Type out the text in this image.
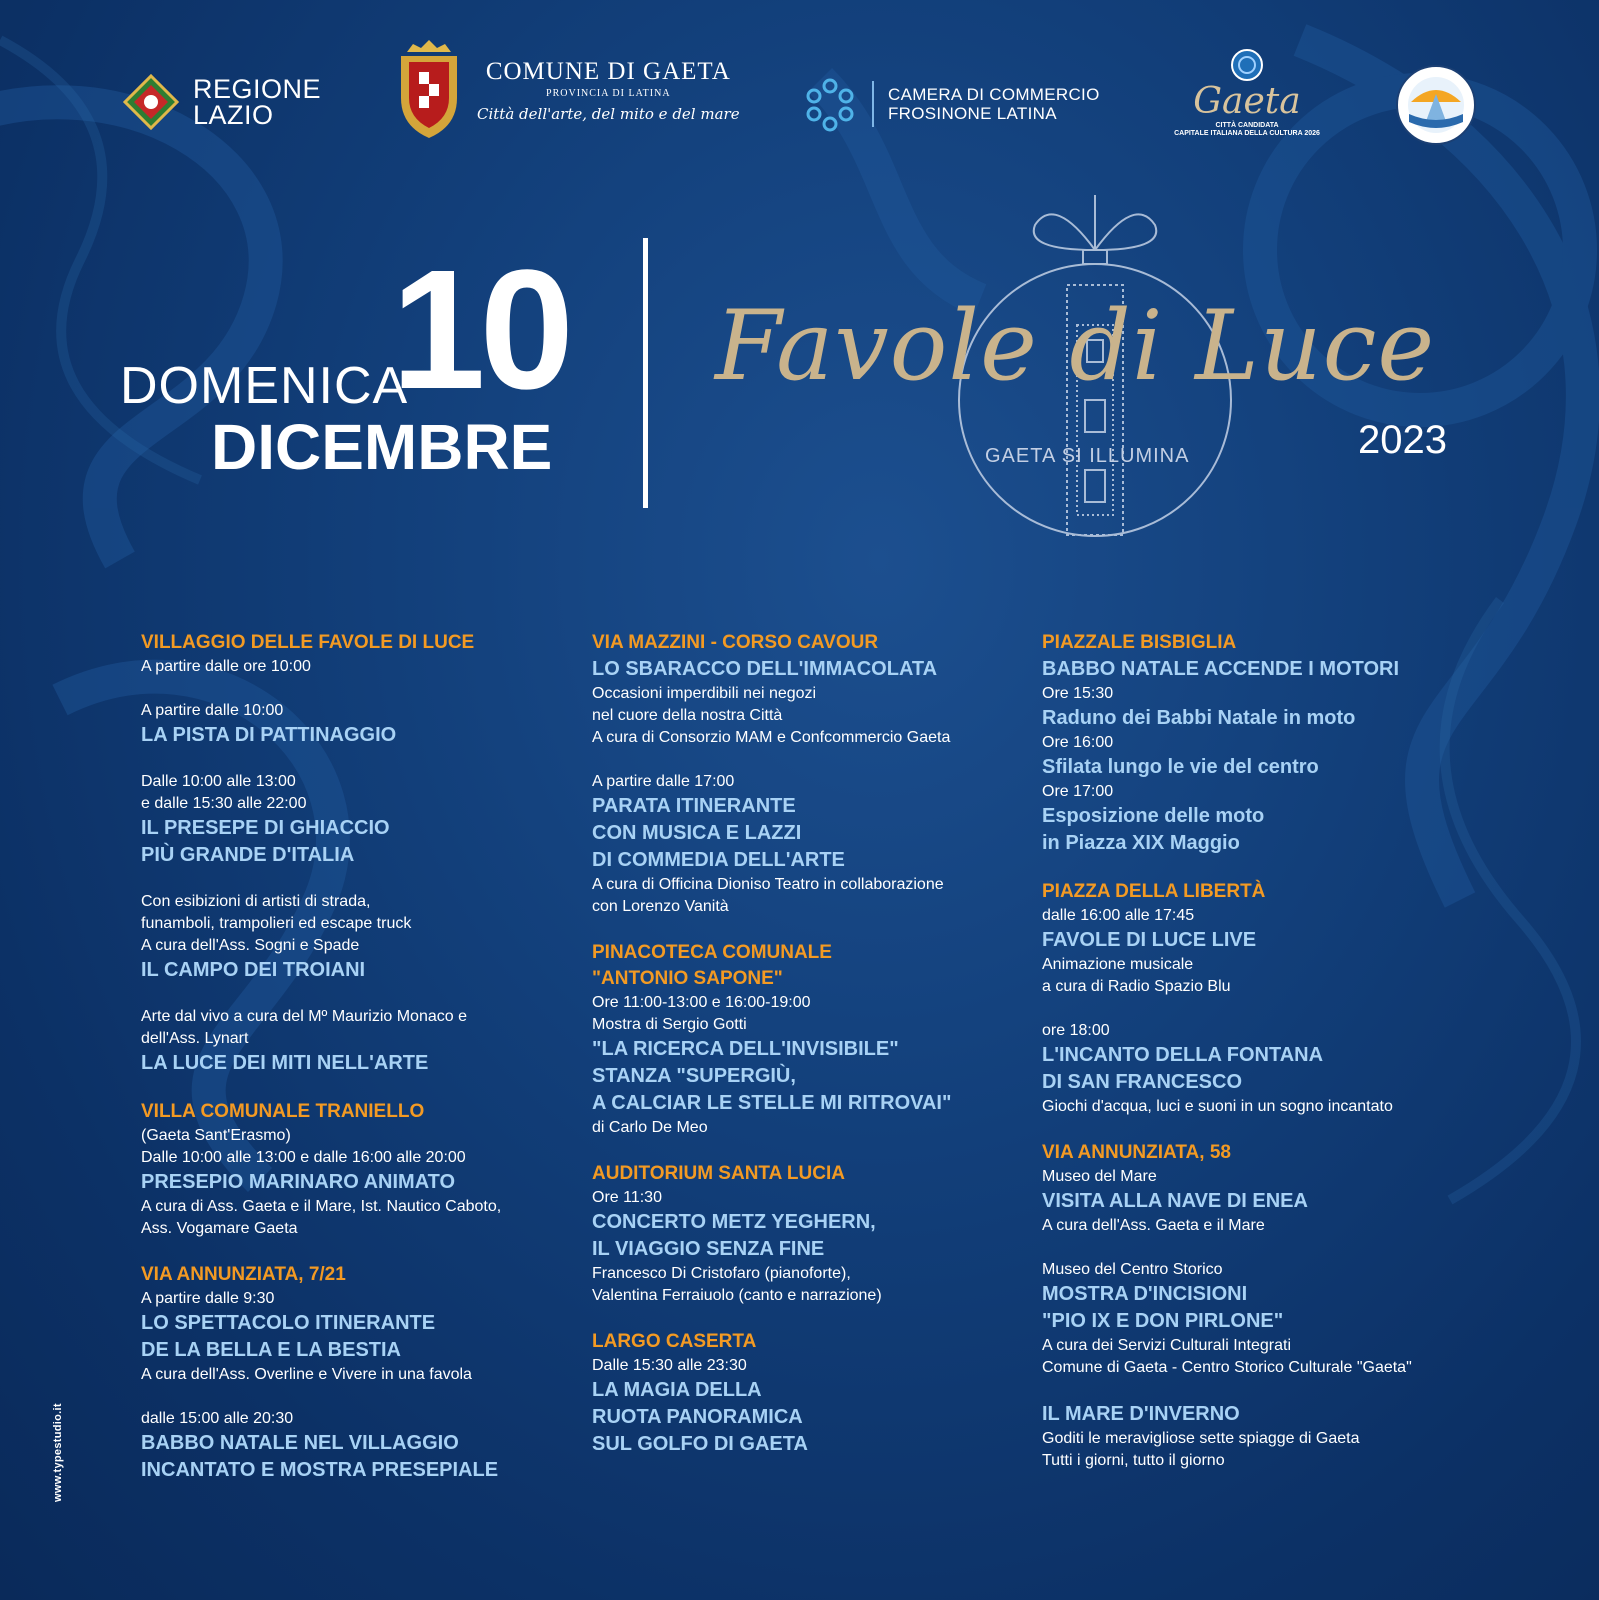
REGIONE
LAZIO
COMUNE DI GAETA
PROVINCIA DI LATINA
Città dell'arte, del mito e del mare
CAMERA DI COMMERCIO
FROSINONE LATINA	Gaeta
CITTÀ CANDIDATA
CAPITALE ITALIANA DELLA CULTURA 2026
DOMENICA
10
DICEMBRE
Favole di Luce
GAETA SI ILLUMINA	2023
VILLAGGIO DELLE FAVOLE DI LUCE
A partire dalle ore 10:00
A partire dalle 10:00
LA PISTA DI PATTINAGGIO
Dalle 10:00 alle 13:00
e dalle 15:30 alle 22:00
IL PRESEPE DI GHIACCIO
PIÙ GRANDE D'ITALIA
Con esibizioni di artisti di strada,
funamboli, trampolieri ed escape truck
A cura dell'Ass. Sogni e Spade
IL CAMPO DEI TROIANI
Arte dal vivo a cura del Mº Maurizio Monaco e
dell'Ass. Lynart
LA LUCE DEI MITI NELL'ARTE
VILLA COMUNALE TRANIELLO
(Gaeta Sant'Erasmo)
Dalle 10:00 alle 13:00 e dalle 16:00 alle 20:00
PRESEPIO MARINARO ANIMATO
A cura di Ass. Gaeta e il Mare, Ist. Nautico Caboto,
Ass. Vogamare Gaeta
VIA ANNUNZIATA, 7/21
A partire dalle 9:30
LO SPETTACOLO ITINERANTE
DE LA BELLA E LA BESTIA
A cura dell'Ass. Overline e Vivere in una favola
dalle 15:00 alle 20:30
BABBO NATALE NEL VILLAGGIO
INCANTATO E MOSTRA PRESEPIALE
VIA MAZZINI - CORSO CAVOUR
LO SBARACCO DELL'IMMACOLATA
Occasioni imperdibili nei negozi
nel cuore della nostra Città
A cura di Consorzio MAM e Confcommercio Gaeta
A partire dalle 17:00
PARATA ITINERANTE
CON MUSICA E LAZZI
DI COMMEDIA DELL'ARTE
A cura di Officina Dioniso Teatro in collaborazione
con Lorenzo Vanità
PINACOTECA COMUNALE
"ANTONIO SAPONE"
Ore 11:00-13:00 e 16:00-19:00
Mostra di Sergio Gotti
"LA RICERCA DELL'INVISIBILE"
STANZA "SUPERGIÙ,
A CALCIAR LE STELLE MI RITROVAI"
di Carlo De Meo
AUDITORIUM SANTA LUCIA
Ore 11:30
CONCERTO METZ YEGHERN,
IL VIAGGIO SENZA FINE
Francesco Di Cristofaro (pianoforte),
Valentina Ferraiuolo (canto e narrazione)
LARGO CASERTA
Dalle 15:30 alle 23:30
LA MAGIA DELLA
RUOTA PANORAMICA
SUL GOLFO DI GAETA
PIAZZALE BISBIGLIA
BABBO NATALE ACCENDE I MOTORI
Ore 15:30
Raduno dei Babbi Natale in moto
Ore 16:00
Sfilata lungo le vie del centro
Ore 17:00
Esposizione delle moto
in Piazza XIX Maggio
PIAZZA DELLA LIBERTÀ
dalle 16:00 alle 17:45
FAVOLE DI LUCE LIVE
Animazione musicale
a cura di Radio Spazio Blu
ore 18:00
L'INCANTO DELLA FONTANA
DI SAN FRANCESCO
Giochi d'acqua, luci e suoni in un sogno incantato
VIA ANNUNZIATA, 58
Museo del Mare
VISITA ALLA NAVE DI ENEA
A cura dell'Ass. Gaeta e il Mare
Museo del Centro Storico
MOSTRA D'INCISIONI
"PIO IX E DON PIRLONE"
A cura dei Servizi Culturali Integrati
Comune di Gaeta - Centro Storico Culturale "Gaeta"
IL MARE D'INVERNO
Goditi le meravigliose sette spiagge di Gaeta
Tutti i giorni, tutto il giorno
www.typestudio.it
